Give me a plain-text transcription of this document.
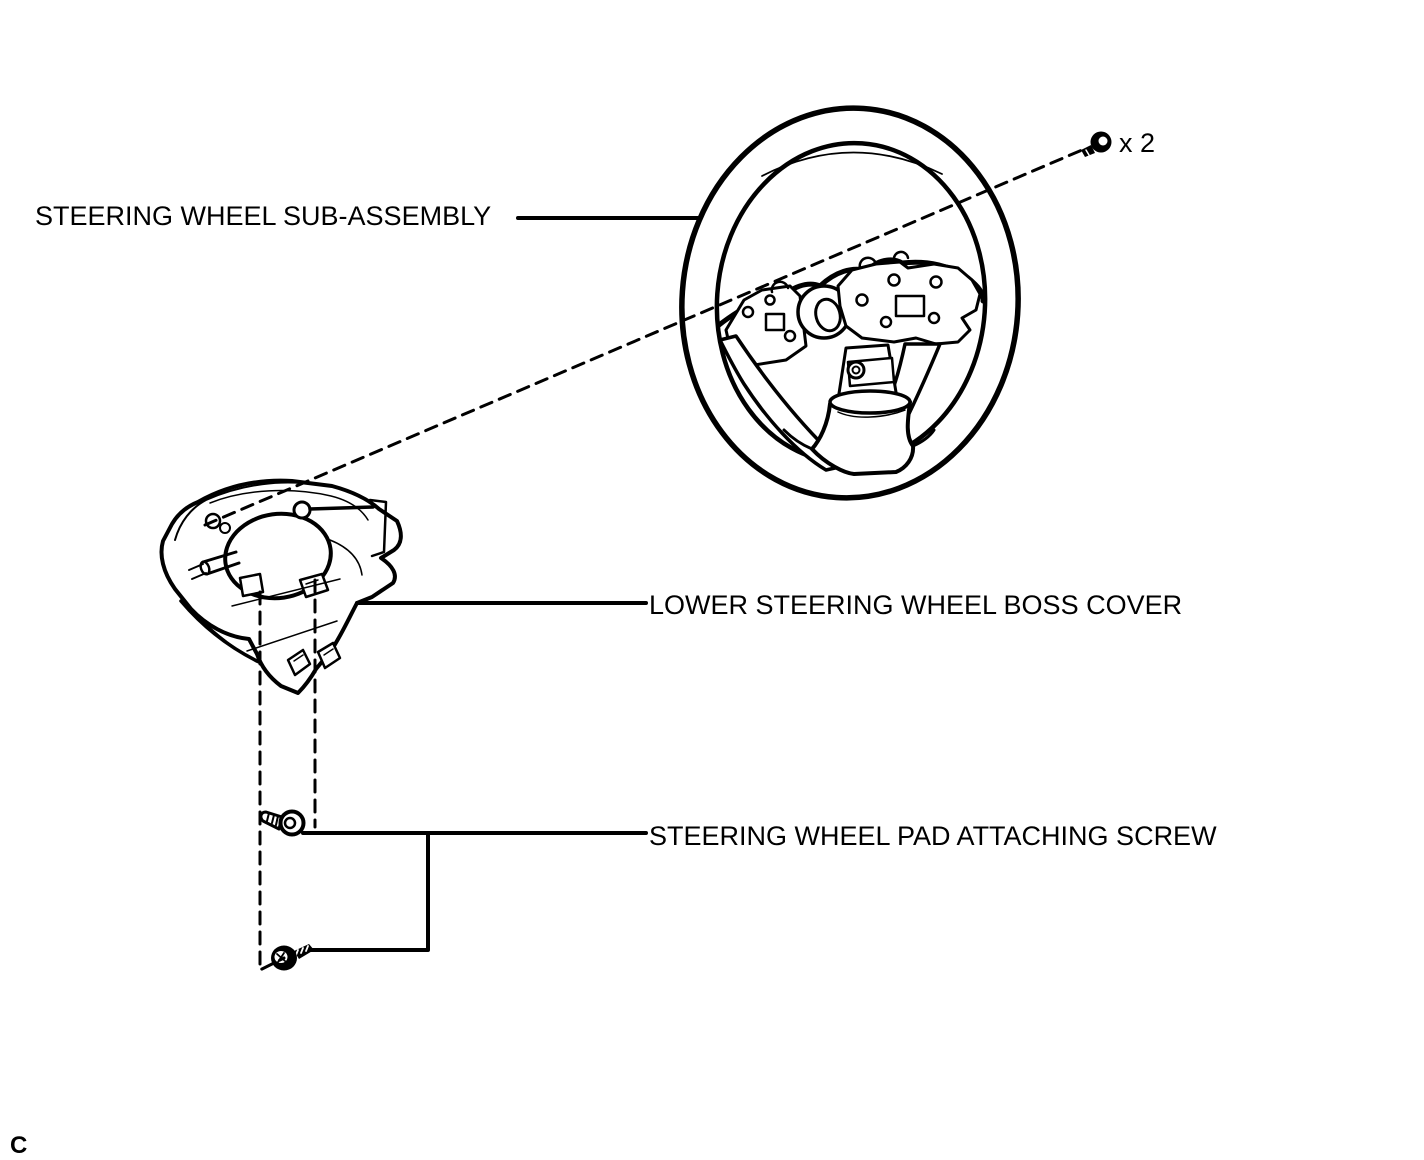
STEERING WHEEL SUB-ASSEMBLY
LOWER STEERING WHEEL BOSS COVER
STEERING WHEEL PAD ATTACHING SCREW
x 2
C
